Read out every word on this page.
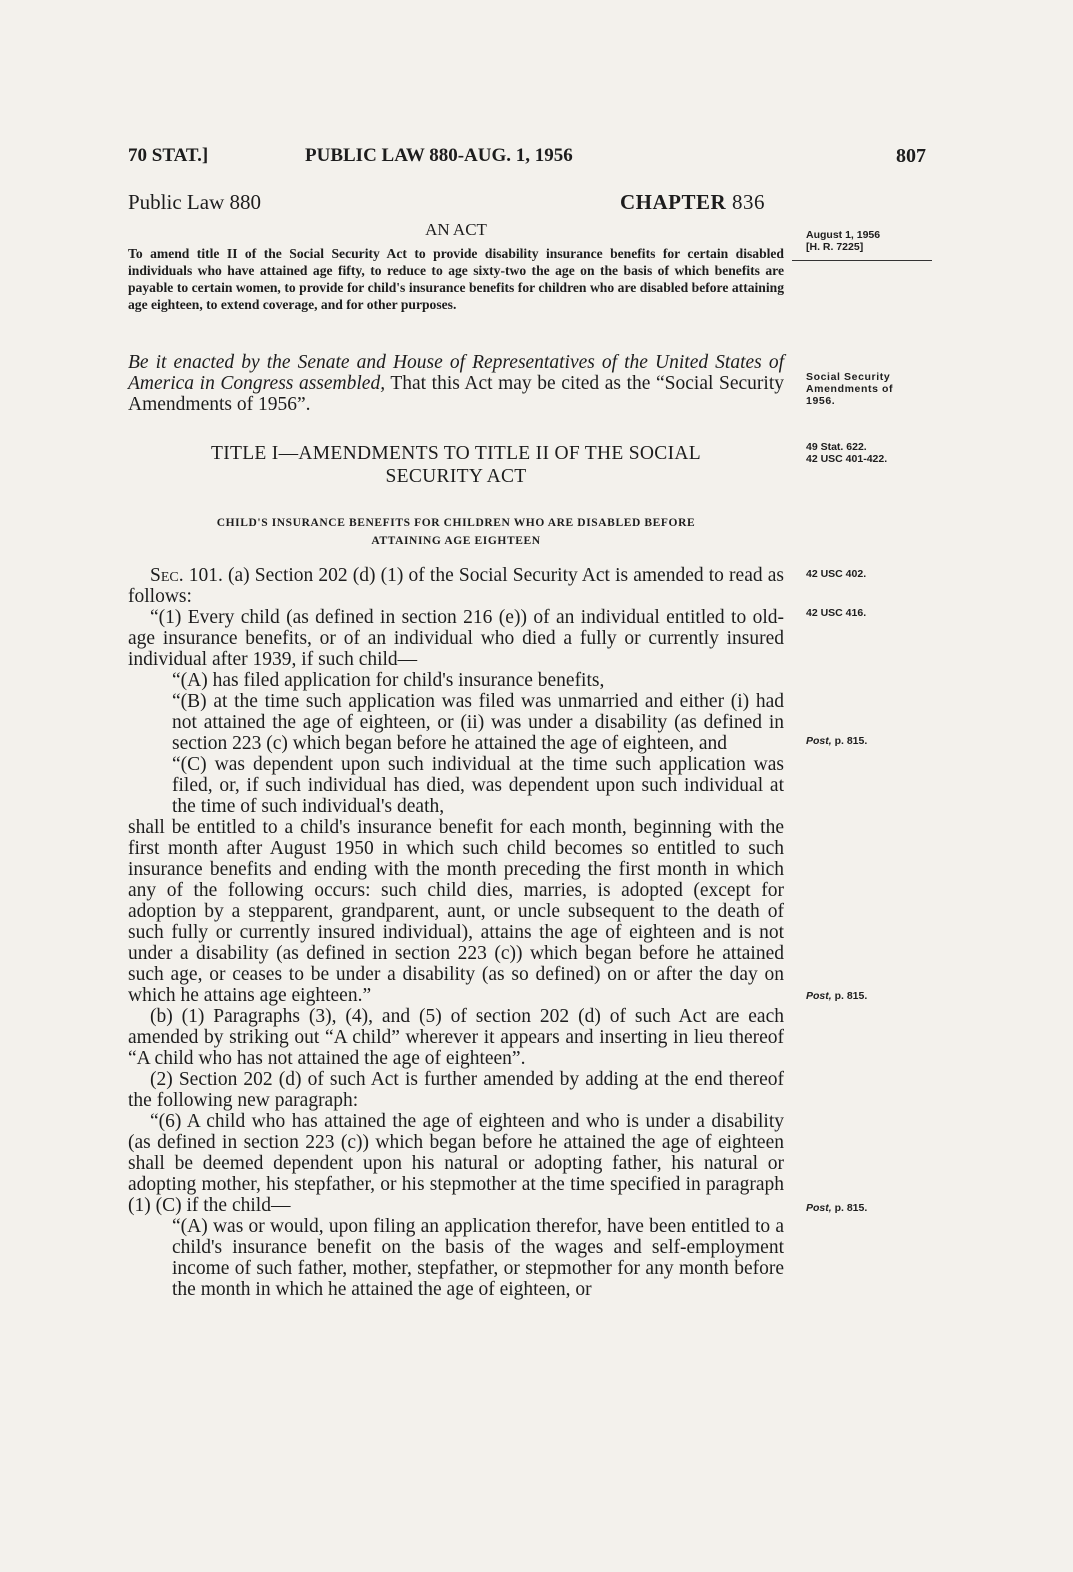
70 STAT.]	PUBLIC LAW 880-AUG. 1, 1956	807
Public Law 880	CHAPTER 836
AN ACT
To amend title II of the Social Security Act to provide disability insurance benefits for certain disabled individuals who have attained age fifty, to reduce to age sixty-two the age on the basis of which benefits are payable to certain women, to provide for child's insurance benefits for children who are disabled before attaining age eighteen, to extend coverage, and for other purposes.
Be it enacted by the Senate and House of Representatives of the United States of America in Congress assembled, That this Act may be cited as the “Social Security Amendments of 1956”.
TITLE I—AMENDMENTS TO TITLE II OF THE SOCIAL
SECURITY ACT
CHILD'S INSURANCE BENEFITS FOR CHILDREN WHO ARE DISABLED BEFORE
ATTAINING AGE EIGHTEEN

Sec. 101. (a) Section 202 (d) (1) of the Social Security Act is amended to read as follows:

“(1) Every child (as defined in section 216 (e)) of an individual entitled to old-age insurance benefits, or of an individual who died a fully or currently insured individual after 1939, if such child—

“(A) has filed application for child's insurance benefits,

“(B) at the time such application was filed was unmarried and either (i) had not attained the age of eighteen, or (ii) was under a disability (as defined in section 223 (c) which began before he attained the age of eighteen, and

“(C) was dependent upon such individual at the time such application was filed, or, if such individual has died, was dependent upon such individual at the time of such individual's death,

shall be entitled to a child's insurance benefit for each month, beginning with the first month after August 1950 in which such child becomes so entitled to such insurance benefits and ending with the month preceding the first month in which any of the following occurs: such child dies, marries, is adopted (except for adoption by a stepparent, grandparent, aunt, or uncle subsequent to the death of such fully or currently insured individual), attains the age of eighteen and is not under a disability (as defined in section 223 (c)) which began before he attained such age, or ceases to be under a disability (as so defined) on or after the day on which he attains age eighteen.”

(b) (1) Paragraphs (3), (4), and (5) of section 202 (d) of such Act are each amended by striking out “A child” wherever it appears and inserting in lieu thereof “A child who has not attained the age of eighteen”.

(2) Section 202 (d) of such Act is further amended by adding at the end thereof the following new paragraph:

“(6) A child who has attained the age of eighteen and who is under a disability (as defined in section 223 (c)) which began before he attained the age of eighteen shall be deemed dependent upon his natural or adopting father, his natural or adopting mother, his stepfather, or his stepmother at the time specified in paragraph (1) (C) if the child—

“(A) was or would, upon filing an application therefor, have been entitled to a child's insurance benefit on the basis of the wages and self-employment income of such father, mother, stepfather, or stepmother for any month before the month in which he attained the age of eighteen, or

August 1, 1956
[H. R. 7225]
Social Security
Amendments of
1956.
49 Stat. 622.
42 USC 401-422.
42 USC 402.
42 USC 416.
Post, p. 815.
Post, p. 815.
Post, p. 815.
